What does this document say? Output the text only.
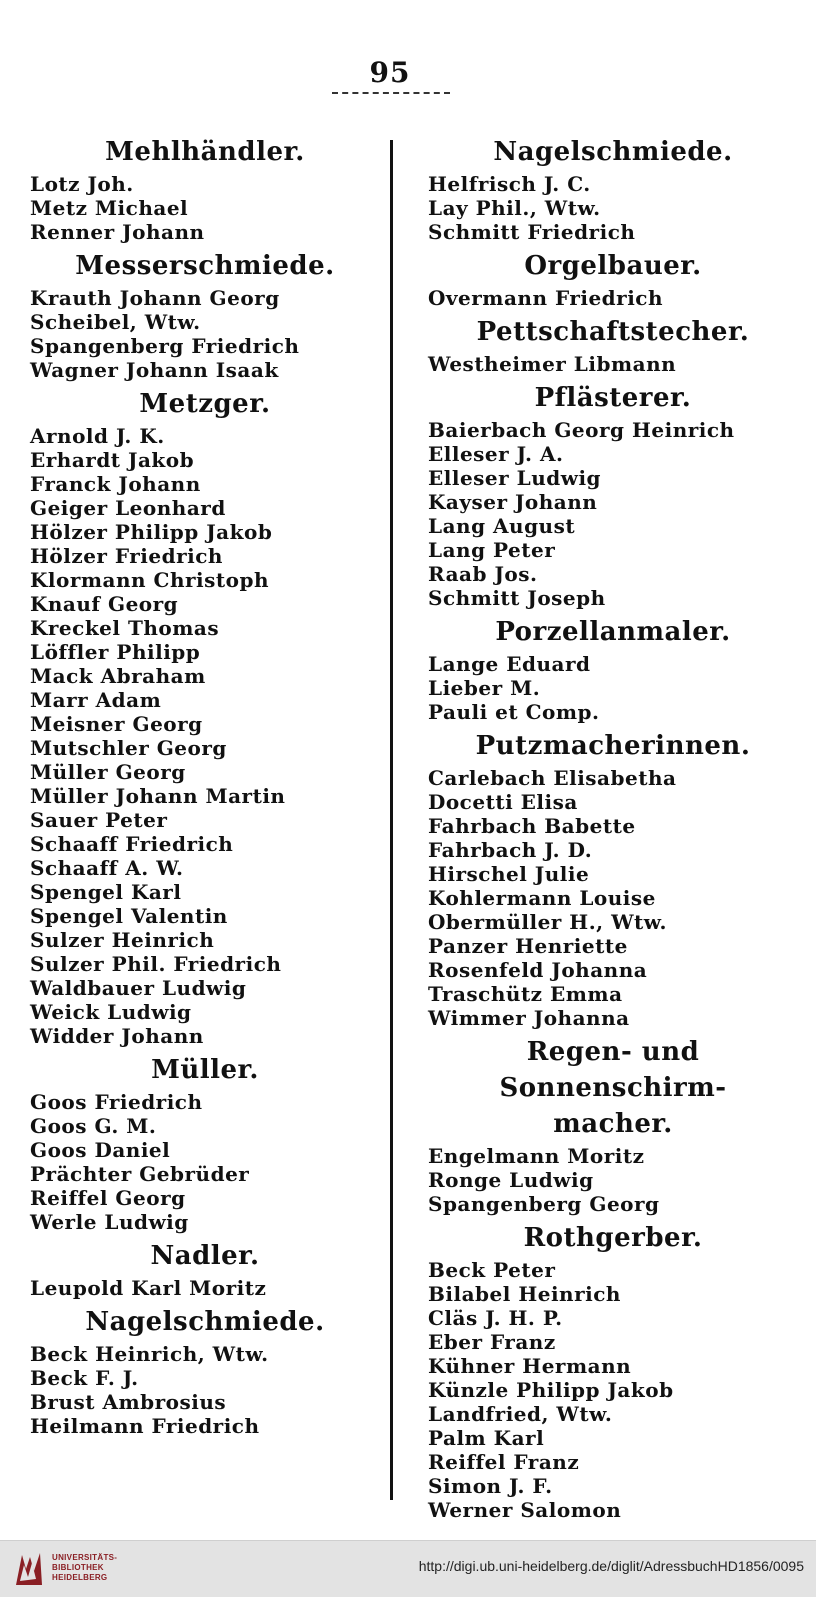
95
Mehlhändler.
Lotz Joh.
Metz Michael
Renner Johann
Messerschmiede.
Krauth Johann Georg
Scheibel, Wtw.
Spangenberg Friedrich
Wagner Johann Isaak
Metzger.
Arnold J. K.
Erhardt Jakob
Franck Johann
Geiger Leonhard
Hölzer Philipp Jakob
Hölzer Friedrich
Klormann Christoph
Knauf Georg
Kreckel Thomas
Löffler Philipp
Mack Abraham
Marr Adam
Meisner Georg
Mutschler Georg
Müller Georg
Müller Johann Martin
Sauer Peter
Schaaff Friedrich
Schaaff A. W.
Spengel Karl
Spengel Valentin
Sulzer Heinrich
Sulzer Phil. Friedrich
Waldbauer Ludwig
Weick Ludwig
Widder Johann
Müller.
Goos Friedrich
Goos G. M.
Goos Daniel
Prächter Gebrüder
Reiffel Georg
Werle Ludwig
Nadler.
Leupold Karl Moritz
Nagelschmiede.
Beck Heinrich, Wtw.
Beck F. J.
Brust Ambrosius
Heilmann Friedrich
Nagelschmiede.
Helfrisch J. C.
Lay Phil., Wtw.
Schmitt Friedrich
Orgelbauer.
Overmann Friedrich
Pettschaftstecher.
Westheimer Libmann
Pflästerer.
Baierbach Georg Heinrich
Elleser J. A.
Elleser Ludwig
Kayser Johann
Lang August
Lang Peter
Raab Jos.
Schmitt Joseph
Porzellanmaler.
Lange Eduard
Lieber M.
Pauli et Comp.
Putzmacherinnen.
Carlebach Elisabetha
Docetti Elisa
Fahrbach Babette
Fahrbach J. D.
Hirschel Julie
Kohlermann Louise
Obermüller H., Wtw.
Panzer Henriette
Rosenfeld Johanna
Traschütz Emma
Wimmer Johanna
Regen- und Sonnenschirm-
macher.
Engelmann Moritz
Ronge Ludwig
Spangenberg Georg
Rothgerber.
Beck Peter
Bilabel Heinrich
Cläs J. H. P.
Eber Franz
Kühner Hermann
Künzle Philipp Jakob
Landfried, Wtw.
Palm Karl
Reiffel Franz
Simon J. F.
Werner Salomon
UNIVERSITÄTS-
BIBLIOTHEK
HEIDELBERG
http://digi.ub.uni-heidelberg.de/diglit/AdressbuchHD1856/0095
